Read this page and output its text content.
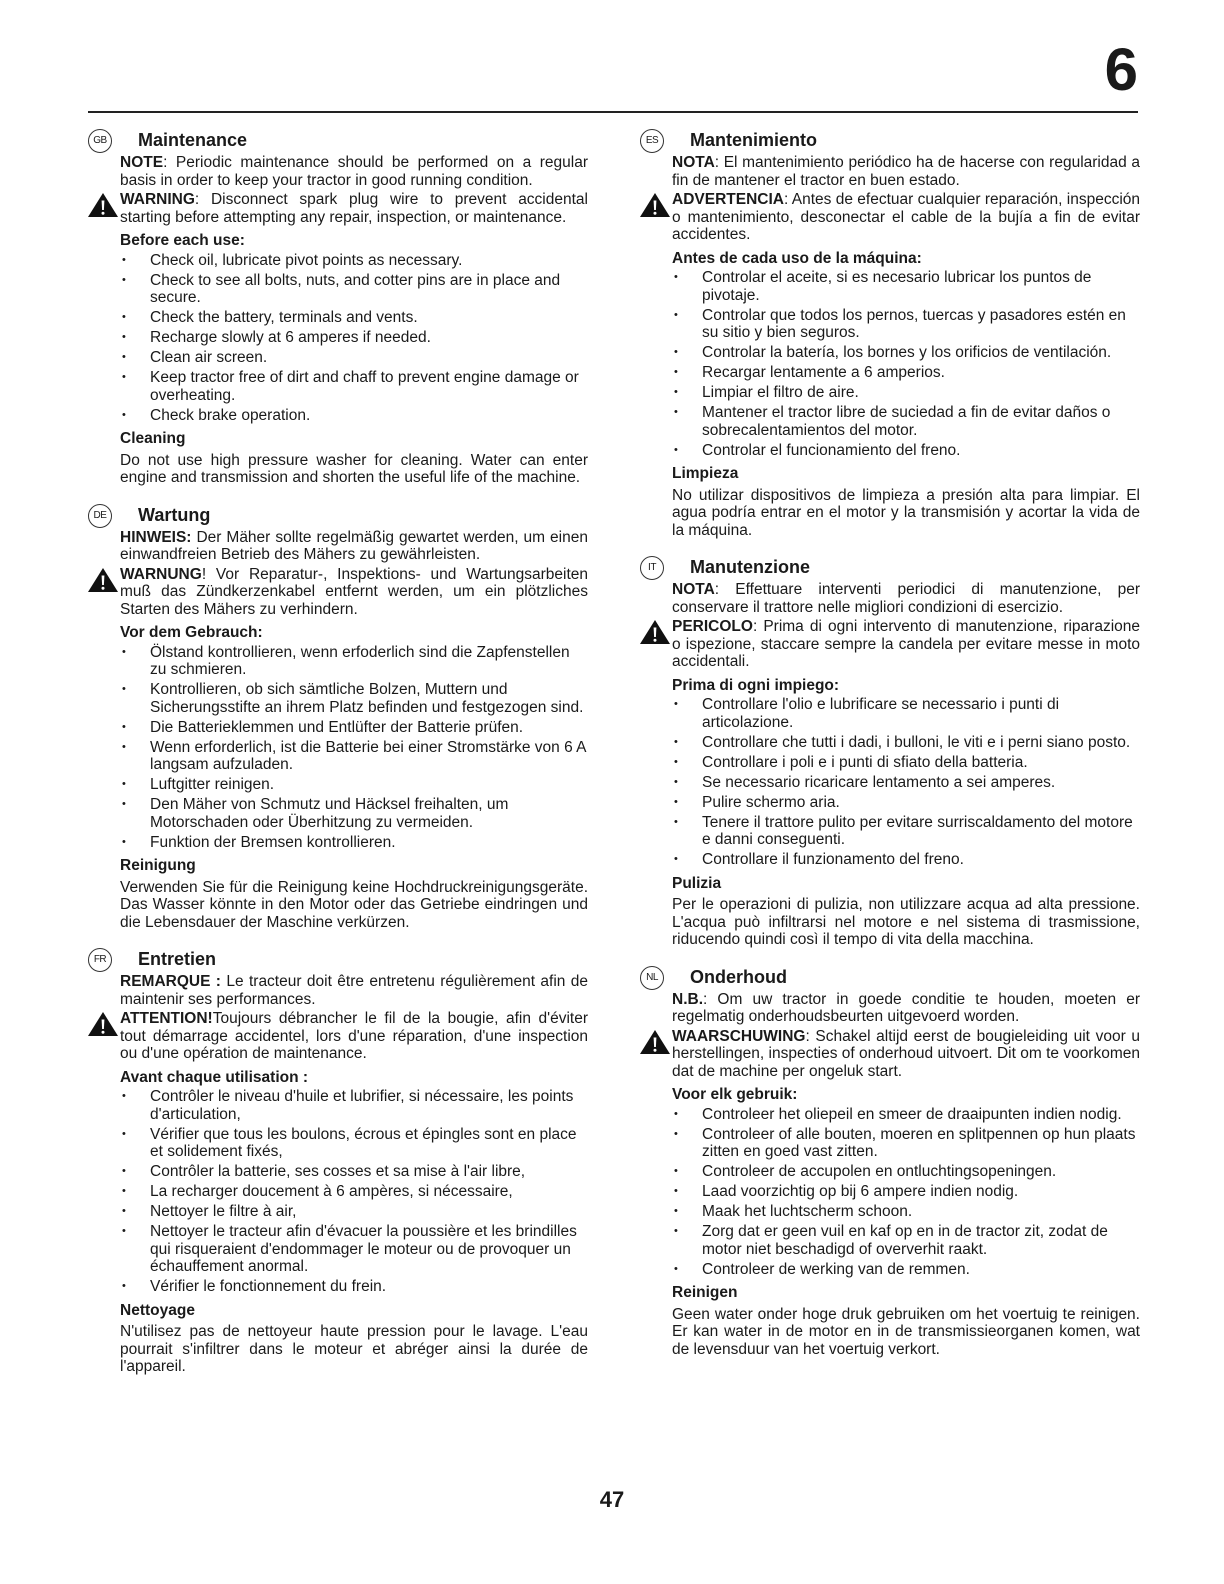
6
GB Maintenance

NOTE: Periodic maintenance should be performed on a regular basis in order to keep your tractor in good running condition.

WARNING: Disconnect spark plug wire to prevent accidental starting before attempting any repair, inspection, or maintenance.

Before each use:
• Check oil, lubricate pivot points as necessary.
• Check to see all bolts, nuts, and cotter pins are in place and secure.
• Check the battery, terminals and vents.
• Recharge slowly at 6 amperes if needed.
• Clean air screen.
• Keep tractor free of dirt and chaff to prevent engine damage or overheating.
• Check brake operation.
Cleaning

Do not use high pressure washer for cleaning. Water can enter engine and transmission and shorten the useful life of the machine.

DE	Wartung

HINWEIS: Der Mäher sollte regelmäßig gewartet werden, um einen einwandfreien Betrieb des Mähers zu gewährleisten.

WARNUNG! Vor Reparatur-, Inspektions- und Wartungsarbeiten muß das Zündkerzenkabel entfernt werden, um ein plötzliches Starten des Mähers zu verhindern.

Vor dem Gebrauch:
• Ölstand kontrollieren, wenn erfoderlich sind die Zapfenstellen zu schmieren.
• Kontrollieren, ob sich sämtliche Bolzen, Muttern und Sicherungsstifte an ihrem Platz befinden und festgezogen sind.
• Die Batterieklemmen und Entlüfter der Batterie prüfen.
• Wenn erforderlich, ist die Batterie bei einer Stromstärke von 6 A langsam aufzuladen.
• Luftgitter reinigen.
• Den Mäher von Schmutz und Häcksel freihalten, um Motorschaden oder Überhitzung zu vermeiden.
• Funktion der Bremsen kontrollieren.
Reinigung

Verwenden Sie für die Reinigung keine Hochdruckreinigungsgeräte. Das Wasser könnte in den Motor oder das Getriebe eindringen und die Lebensdauer der Maschine verkürzen.

FR	Entretien

REMARQUE : Le tracteur doit être entretenu régulièrement afin de maintenir ses performances.

ATTENTION!Toujours débrancher le fil de la bougie, afin d'éviter tout démarrage accidentel, lors d'une réparation, d'une inspection ou d'une opération de maintenance.

Avant chaque utilisation :
• Contrôler le niveau d'huile et lubrifier, si nécessaire, les points d'articulation,
• Vérifier que tous les boulons, écrous et épingles sont en place et solidement fixés,
• Contrôler la batterie, ses cosses et sa mise à l'air libre,
• La recharger doucement à 6 ampères, si nécessaire,
• Nettoyer le filtre à air,
• Nettoyer le tracteur afin d'évacuer la poussière et les brindilles qui risqueraient d'endommager le moteur ou de provoquer un échauffement anormal.
• Vérifier le fonctionnement du frein.
Nettoyage

N'utilisez pas de nettoyeur haute pression pour le lavage. L'eau pourrait s'infiltrer dans le moteur et abréger ainsi la durée de l'appareil.

ES	Mantenimiento

NOTA: El mantenimiento periódico ha de hacerse con regularidad a fin de mantener el tractor en buen estado.

ADVERTENCIA: Antes de efectuar cualquier reparación, inspección o mantenimiento, desconectar el cable de la bujía a fin de evitar accidentes.

Antes de cada uso de la máquina:
• Controlar el aceite, si es necesario lubricar los puntos de pivotaje.
• Controlar que todos los pernos, tuercas y pasadores estén en su sitio y bien seguros.
• Controlar la batería, los bornes y los orificios de ventilación.
• Recargar lentamente a 6 amperios.
• Limpiar el filtro de aire.
• Mantener el tractor libre de suciedad a fin de evitar daños o sobrecalentamientos del motor.
• Controlar el funcionamiento del freno.
Limpieza

No utilizar dispositivos de limpieza a presión alta para limpiar. El agua podría entrar en el motor y la transmisión y acortar la vida de la máquina.

IT	Manutenzione

NOTA: Effettuare interventi periodici di manutenzione, per conservare il trattore nelle migliori condizioni di esercizio.

PERICOLO: Prima di ogni intervento di manutenzione, riparazione o ispezione, staccare sempre la candela per evitare messe in moto accidentali.

Prima di ogni impiego:
• Controllare l'olio e lubrificare se necessario i punti di articolazione.
• Controllare che tutti i dadi, i bulloni, le viti e i perni siano posto.
• Controllare i poli e i punti di sfiato della batteria.
• Se necessario ricaricare lentamento a sei amperes.
• Pulire schermo aria.
• Tenere il trattore pulito per evitare surriscaldamento del motore e danni conseguenti.
• Controllare il funzionamento del freno.
Pulizia

Per le operazioni di pulizia, non utilizzare acqua ad alta pressione. L'acqua può infiltrarsi nel motore e nel sistema di trasmissione, riducendo quindi così il tempo di vita della macchina.

NL	Onderhoud

N.B.: Om uw tractor in goede conditie te houden, moeten er regelmatig onderhoudsbeurten uitgevoerd worden.

WAARSCHUWING: Schakel altijd eerst de bougieleiding uit voor u herstellingen, inspecties of onderhoud uitvoert. Dit om te voorkomen dat de machine per ongeluk start.

Voor elk gebruik:
• Controleer het oliepeil en smeer de draaipunten indien nodig.
• Controleer of alle bouten, moeren en splitpennen op hun plaats zitten en goed vast zitten.
• Controleer de accupolen en ontluchtingsopeningen.
• Laad voorzichtig op bij 6 ampere indien nodig.
• Maak het luchtscherm schoon.
• Zorg dat er geen vuil en kaf op en in de tractor zit, zodat de motor niet beschadigd of oververhit raakt.
• Controleer de werking van de remmen.
Reinigen

Geen water onder hoge druk gebruiken om het voertuig te reinigen. Er kan water in de motor en in de transmissieorganen komen, wat de levensduur van het voertuig verkort.

47
